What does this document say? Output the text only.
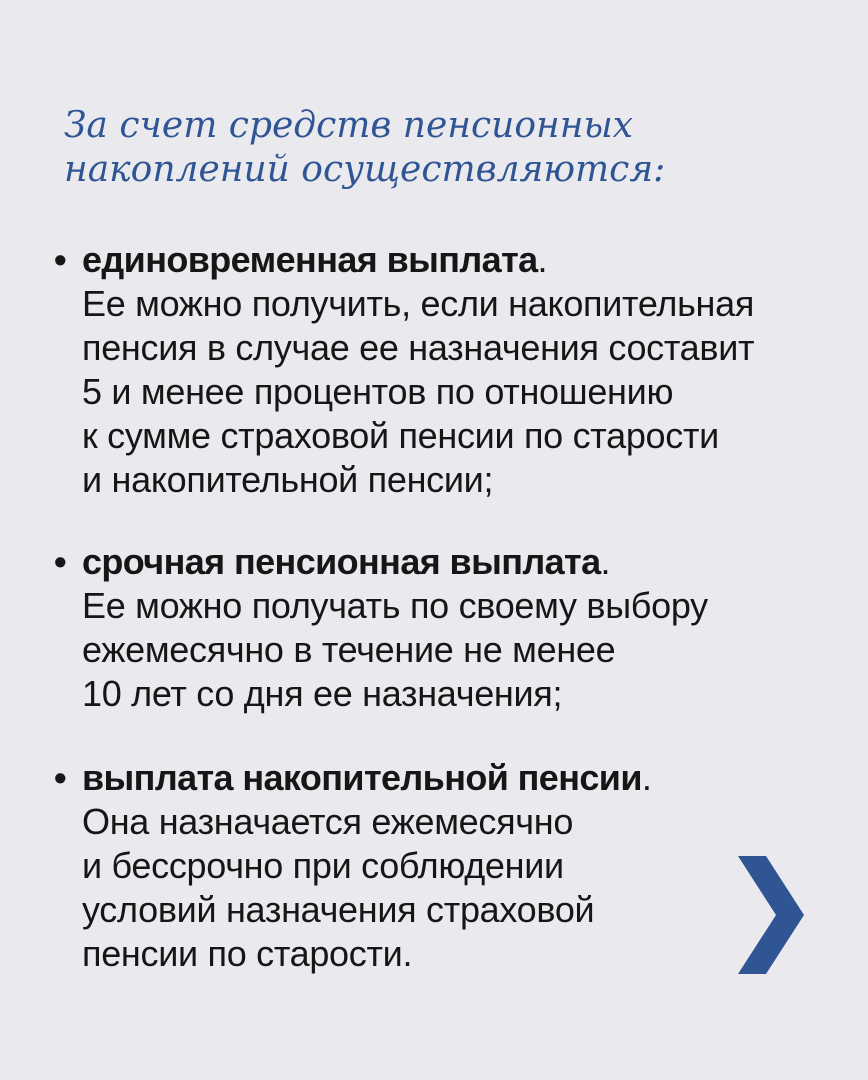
За счет средств пенсионных
накоплений осуществляются:
• единовременная выплата.
Ее можно получить, если накопительная
пенсия в случае ее назначения составит
5 и менее процентов по отношению
к сумме страховой пенсии по старости
и накопительной пенсии;
• срочная пенсионная выплата.
Ее можно получать по своему выбору
ежемесячно в течение не менее
10 лет со дня ее назначения;
• выплата накопительной пенсии.
Она назначается ежемесячно
и бессрочно при соблюдении
условий назначения страховой
пенсии по старости.
